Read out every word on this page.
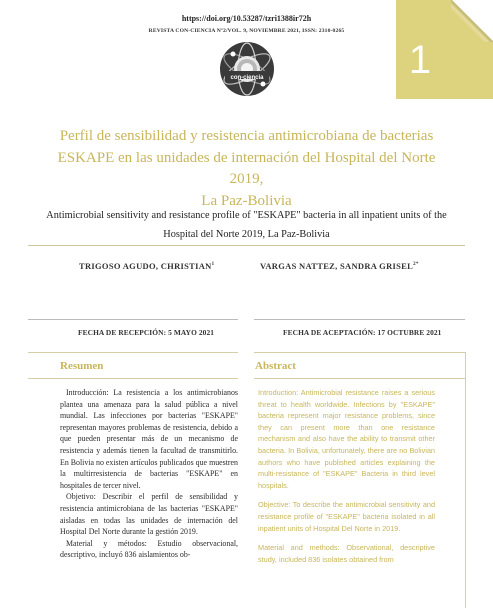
https://doi.org/10.53287/tzri1388ir72h
REVISTA CON-CIENCIA Nº2/VOL. 9, NOVIEMBRE 2021, ISSN: 2310-0265
1
con-ciencia
Perfil de sensibilidad y resistencia antimicrobiana de bacterias
ESKAPE en las unidades de internación del Hospital del Norte 2019,
La Paz-Bolivia
Antimicrobial sensitivity and resistance profile of "ESKAPE" bacteria in all inpatient units of the
Hospital del Norte 2019, La Paz-Bolivia
TRIGOSO AGUDO, CHRISTIAN$^1$	VARGAS NATTEZ, SANDRA $GRISEL^{2*}$
FECHA DE RECEPCIÓN: 5 MAYO 2021	FECHA DE ACEPTACIÓN: 17 OCTUBRE 2021
Resumen	Abstract

Introducción: La resistencia a los antimicrobianos plantea una amenaza para la salud pública a nivel mundial. Las infecciones por bacterias "ESKAPE" representan mayores problemas de resistencia, debido a que pueden presentar más de un mecanismo de resistencia y además tienen la facultad de transmitirlo. En Bolivia no existen artículos publicados que muestren la multirresistencia de bacterias "ESKAPE" en hospitales de tercer nivel.

Objetivo: Describir el perfil de sensibilidad y resistencia antimicrobiana de las bacterias "ESKAPE" aisladas en todas las unidades de internación del Hospital Del Norte durante la gestión 2019.

Material y métodos: Estudio observacional, descriptivo, incluyó 836 aislamientos ob-

Introduction: Antimicrobial resistance raises a serious threat to health worldwide. Infections by "ESKAPE" bacteria represent major resistance problems, since they can present more than one resistance mechanism and also have the ability to transmit other bacteria. In Bolivia, unfortunately, there are no Bolivian authors who have published articles explaining the multi-resistance of "ESKAPE" Bacteria in third level hospitals.

Objective: To describe the antimicrobial sensitivity and resistance profile of "ESKAPE" bacteria isolated in all inpatient units of Hospital Del Norte in 2019.

Material and methods: Observational, descriptive study, included 836 isolates obtained from
